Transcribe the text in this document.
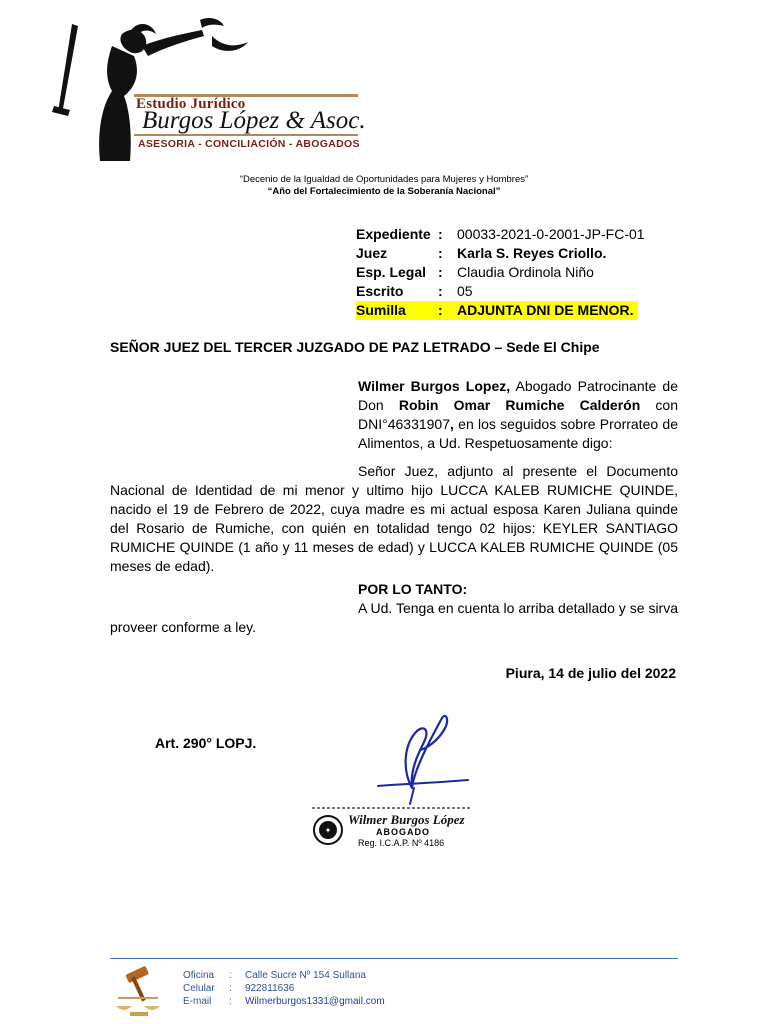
Estudio Jurídico
Burgos López & Asoc.
ASESORIA - CONCILIACIÓN - ABOGADOS
“Decenio de la Igualdad de Oportunidades para Mujeres y Hombres”
“Año del Fortalecimiento de la Soberanía Nacional”
Expediente :	00033-2021-0-2001-JP-FC-01
Juez	:	Karla S. Reyes Criollo.
Esp. Legal :	Claudia Ordinola Niño
Escrito	:	05
Sumilla	:	ADJUNTA DNI DE MENOR.
SEÑOR JUEZ DEL TERCER JUZGADO DE PAZ LETRADO – Sede El Chipe
Wilmer Burgos Lopez, Abogado Patrocinante de Don Robin Omar Rumiche Calderón con DNI°46331907, en los seguidos sobre Prorrateo de Alimentos, a Ud. Respetuosamente digo:
Señor Juez, adjunto al presente el Documento Nacional de Identidad de mi menor y ultimo hijo LUCCA KALEB RUMICHE QUINDE, nacido el 19 de Febrero de 2022, cuya madre es mi actual esposa Karen Juliana quinde del Rosario de Rumiche, con quién en totalidad tengo 02 hijos: KEYLER SANTIAGO RUMICHE QUINDE (1 año y 11 meses de edad) y LUCCA KALEB RUMICHE QUINDE (05 meses de edad).
POR LO TANTO:
A Ud. Tenga en cuenta lo arriba detallado y se sirva proveer conforme a ley.
Piura, 14 de julio del 2022
Art. 290° LOPJ.
✦
Wilmer Burgos López
ABOGADO
Reg. I.C.A.P. Nº 4186
Oficina	:	Calle Sucre Nº 154 Sullana
Celular	:	922811636
E-mail	:	Wilmerburgos1331@gmail.com
